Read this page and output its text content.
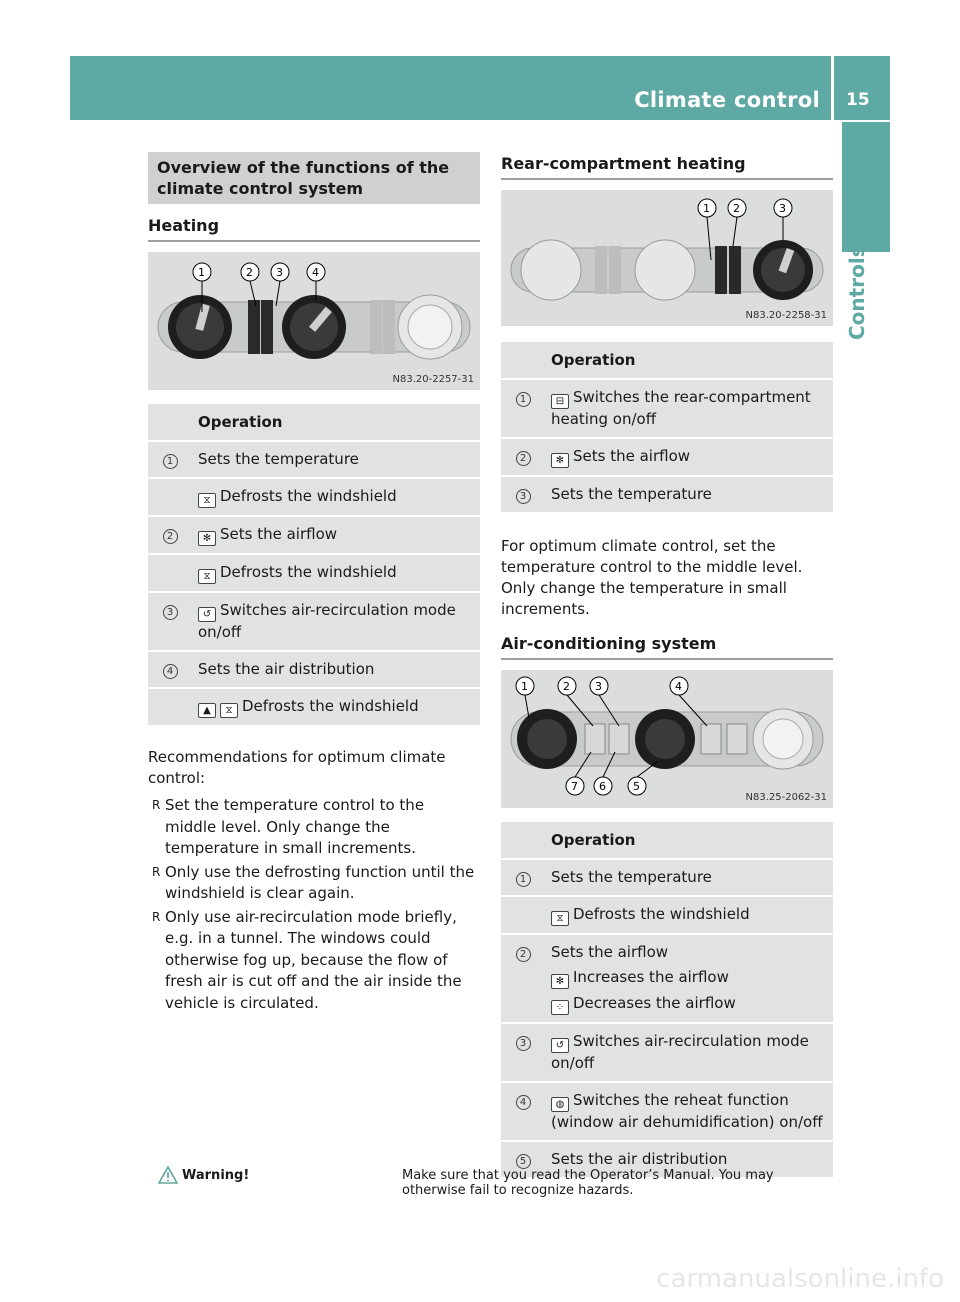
Climate control 15
Controls
Overview of the functions of the climate control system
Heating
1	2 3	4
N83.20-2257-31
	Operation
1	Sets the temperature

	⧖ Defrosts the windshield

2	✻ Sets the airflow

	⧖ Defrosts the windshield

3	↺ Switches air-recirculation mode on/off

4	Sets the air distribution

	▲ ⧖ Defrosts the windshield

Recommendations for optimum climate control:

R Set the temperature control to the middle level. Only change the temperature in small increments.
R Only use the defrosting function until the windshield is clear again.
R Only use air-recirculation mode briefly, e.g. in a tunnel. The windows could otherwise fog up, because the flow of fresh air is cut off and the air inside the vehicle is circulated.
Rear-compartment heating
1 2	3
N83.20-2258-31
	Operation
1	⊟ Switches the rear-compartment heating on/off

2	✻ Sets the airflow

3	Sets the temperature

For optimum climate control, set the temperature control to the middle level. Only change the temperature in small increments.

Air-conditioning system
1	2 3	4
7 6 5
N83.25-2062-31
	Operation
1	Sets the temperature

	⧖ Defrosts the windshield

2	Sets the airflow
✻ Increases the airflow
⁘ Decreases the airflow

3	↺ Switches air-recirculation mode on/off

4	◍ Switches the reheat function (window air dehumidification) on/off

5	Sets the air distribution
Warning!	Make sure that you read the Operator’s Manual. You may otherwise fail to recognize hazards.
carmanualsonline.info
